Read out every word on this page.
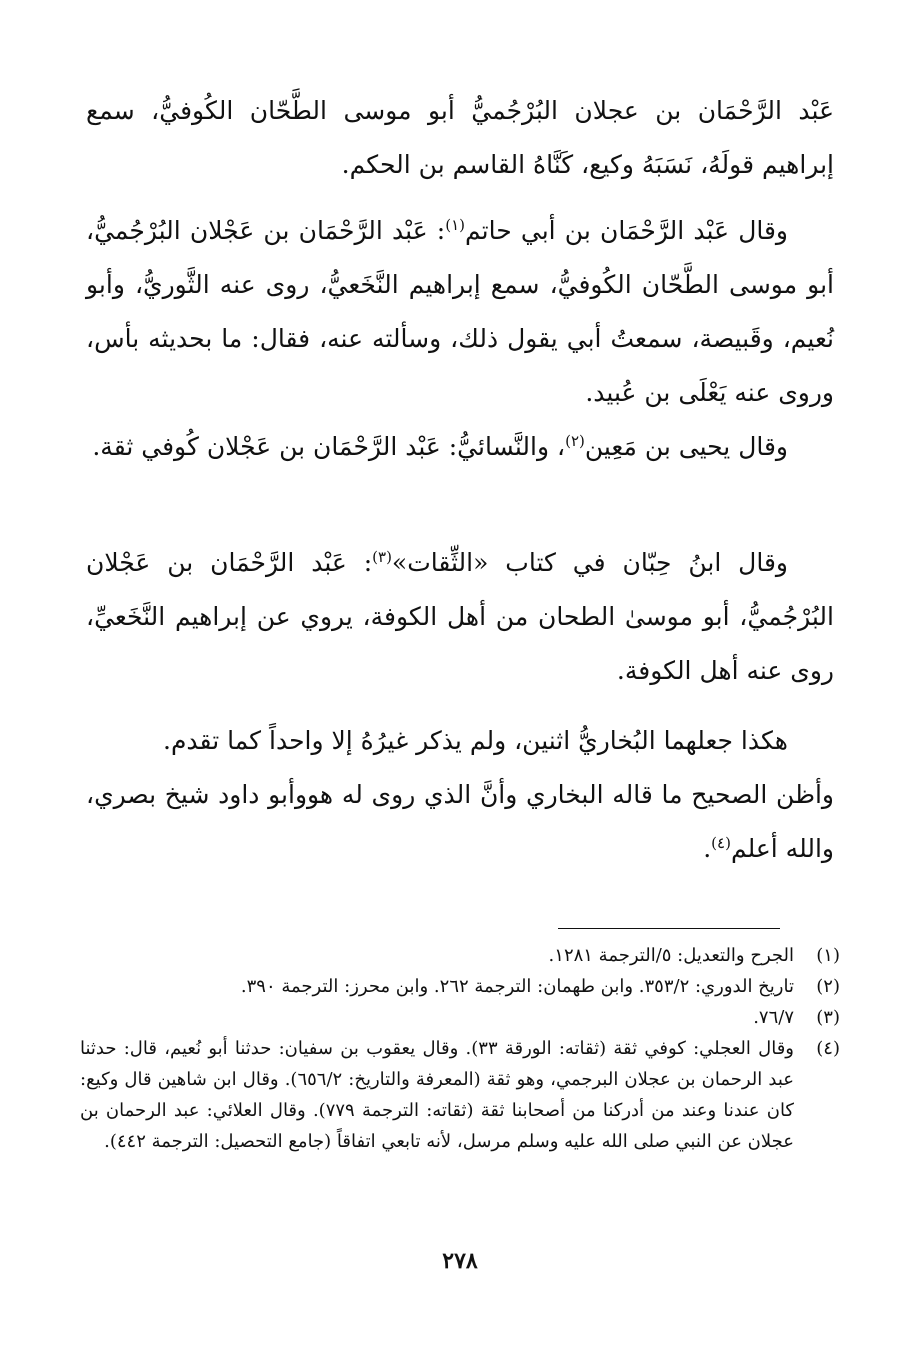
عَبْد الرَّحْمَان بن عجلان البُرْجُميُّ أبو موسى الطَّحّان الكُوفيُّ، سمع إبراهيم قولَهُ، نَسَبَهُ وكيع، كَنَّاهُ القاسم بن الحكم.

وقال عَبْد الرَّحْمَان بن أبي حاتم$^{(١)}$: عَبْد الرَّحْمَان بن عَجْلان البُرْجُميُّ، أبو موسى الطَّحّان الكُوفيُّ، سمع إبراهيم النَّخَعيُّ، روى عنه الثَّوريُّ، وأبو نُعيم، وقَبيصة، سمعتُ أبي يقول ذلك، وسألته عنه، فقال: ما بحديثه بأس، وروى عنه يَعْلَى بن عُبيد.

وقال يحيى بن مَعِين$^{(٢)}$، والنَّسائيُّ: عَبْد الرَّحْمَان بن عَجْلان كُوفي ثقة.

وقال ابنُ حِبّان في كتاب «الثِّقات»$^{(٣)}$: عَبْد الرَّحْمَان بن عَجْلان البُرْجُميُّ، أبو موسىٰ الطحان من أهل الكوفة، يروي عن إبراهيم النَّخَعيِّ، روى عنه أهل الكوفة.

هكذا جعلهما البُخاريُّ اثنين، ولم يذكر غيرُهُ إلا واحداً كما تقدم.
وأظن الصحيح ما قاله البخاري وأنَّ الذي روى له هووأبو داود شيخ بصري، والله أعلم$^{(٤)}$.
(١)
الجرح والتعديل: ٥/الترجمة ١٢٨١.
(٢)
تاريخ الدوري: ٣٥٣/٢. وابن طهمان: الترجمة ٢٦٢. وابن محرز: الترجمة ٣٩٠.
(٣)
٧٦/٧.
(٤)
وقال العجلي: كوفي ثقة (ثقاته: الورقة ٣٣). وقال يعقوب بن سفيان: حدثنا أبو نُعيم، قال: حدثنا عبد الرحمان بن عجلان البرجمي، وهو ثقة (المعرفة والتاريخ: ٦٥٦/٢). وقال ابن شاهين قال وكيع: كان عندنا وعند من أدركنا من أصحابنا ثقة (ثقاته: الترجمة ٧٧٩). وقال العلائي: عبد الرحمان بن عجلان عن النبي صلى الله عليه وسلم مرسل، لأنه تابعي اتفاقاً (جامع التحصيل: الترجمة ٤٤٢).
٢٧٨
